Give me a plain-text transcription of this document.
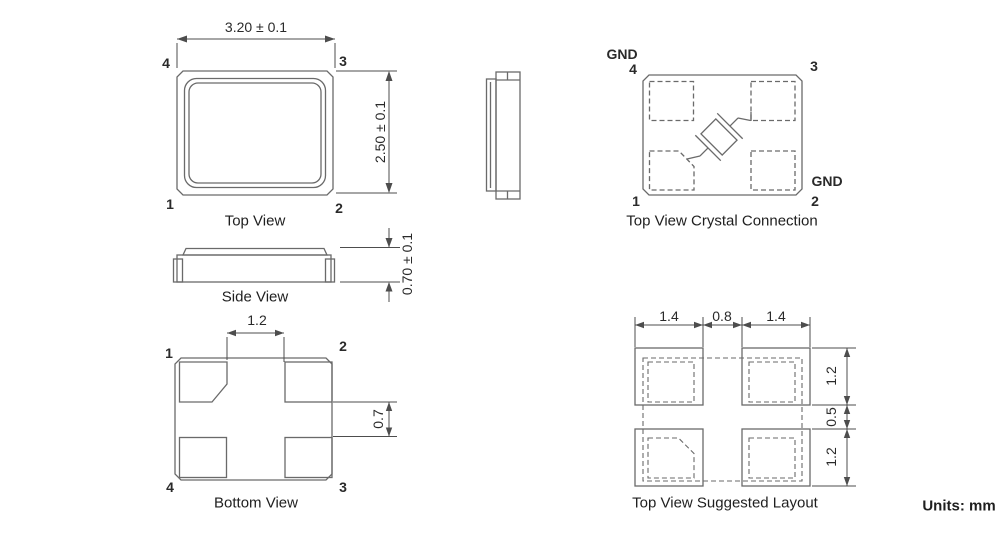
3.20 ± 0.1
2.50 ± 0.1
4	3
1	2
Top View
0.70 ± 0.1
Side View
GND
4	3
1
GND
2
Top View Crystal Connection
1.2
0.7
1	2
4	3
Bottom View
1.4 0.8 1.4
1.2
0.5
1.2
Top View Suggested Layout	Units: mm
